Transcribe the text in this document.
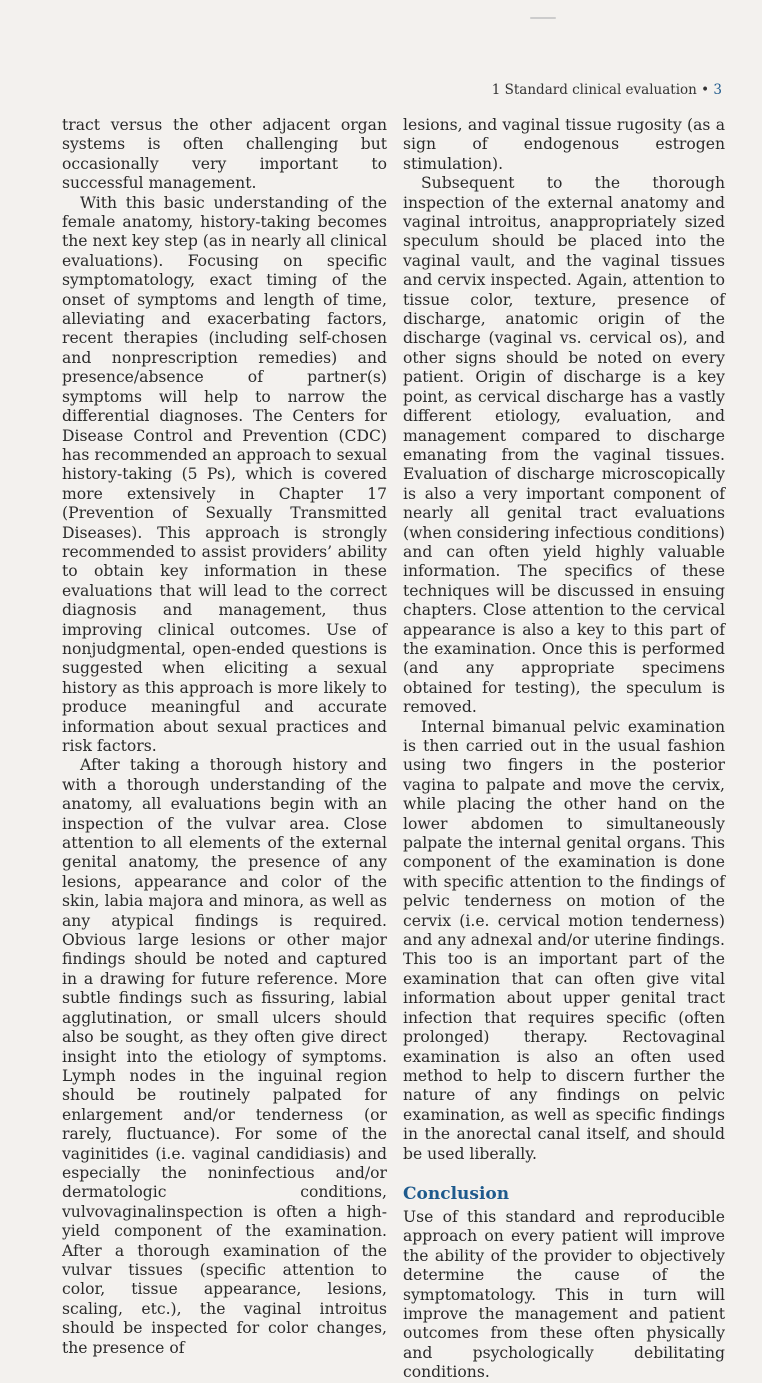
1 Standard clinical evaluation • 3

tract versus the other adjacent organ systems is often challenging but occasionally very important to successful management.

With this basic understanding of the female anatomy, history-taking becomes the next key step (as in nearly all clinical evaluations). Focusing on specific symptomatology, exact timing of the onset of symptoms and length of time, alleviating and exacerbating factors, recent therapies (including self-chosen and nonprescription remedies) and presence/absence of partner(s) symptoms will help to narrow the differential diagnoses. The Centers for Disease Control and Prevention (CDC) has recommended an approach to sexual history-taking (5 Ps), which is covered more extensively in Chapter 17 (Prevention of Sexually Transmitted Diseases). This approach is strongly recommended to assist providers’ ability to obtain key information in these evaluations that will lead to the correct diagnosis and management, thus improving clinical outcomes. Use of nonjudgmental, open-ended questions is suggested when eliciting a sexual history as this approach is more likely to produce meaningful and accurate information about sexual practices and risk factors.

After taking a thorough history and with a thorough understanding of the anatomy, all evaluations begin with an inspection of the vulvar area. Close attention to all elements of the external genital anatomy, the presence of any lesions, appearance and color of the skin, labia majora and minora, as well as any atypical findings is required. Obvious large lesions or other major findings should be noted and captured in a drawing for future reference. More subtle findings such as fissuring, labial agglutination, or small ulcers should also be sought, as they often give direct insight into the etiology of symptoms. Lymph nodes in the inguinal region should be routinely palpated for enlargement and/or tenderness (or rarely, fluctuance). For some of the vaginitides (i.e. vaginal candidiasis) and especially the noninfectious and/or dermatologic conditions, vulvovaginalinspection is often a high-yield component of the examination. After a thorough examination of the vulvar tissues (specific attention to color, tissue appearance, lesions, scaling, etc.), the vaginal introitus should be inspected for color changes, the presence of

lesions, and vaginal tissue rugosity (as a sign of endogenous estrogen stimulation).

Subsequent to the thorough inspection of the external anatomy and vaginal introitus, anappropriately sized speculum should be placed into the vaginal vault, and the vaginal tissues and cervix inspected. Again, attention to tissue color, texture, presence of discharge, anatomic origin of the discharge (vaginal vs. cervical os), and other signs should be noted on every patient. Origin of discharge is a key point, as cervical discharge has a vastly different etiology, evaluation, and management compared to discharge emanating from the vaginal tissues. Evaluation of discharge microscopically is also a very important component of nearly all genital tract evaluations (when considering infectious conditions) and can often yield highly valuable information. The specifics of these techniques will be discussed in ensuing chapters. Close attention to the cervical appearance is also a key to this part of the examination. Once this is performed (and any appropriate specimens obtained for testing), the speculum is removed.

Internal bimanual pelvic examination is then carried out in the usual fashion using two fingers in the posterior vagina to palpate and move the cervix, while placing the other hand on the lower abdomen to simultaneously palpate the internal genital organs. This component of the examination is done with specific attention to the findings of pelvic tenderness on motion of the cervix (i.e. cervical motion tenderness) and any adnexal and/or uterine findings. This too is an important part of the examination that can often give vital information about upper genital tract infection that requires specific (often prolonged) therapy. Rectovaginal examination is also an often used method to help to discern further the nature of any findings on pelvic examination, as well as specific findings in the anorectal canal itself, and should be used liberally.

Conclusion

Use of this standard and reproducible approach on every patient will improve the ability of the provider to objectively determine the cause of the symptomatology. This in turn will improve the management and patient outcomes from these often physically and psychologically debilitating conditions.
